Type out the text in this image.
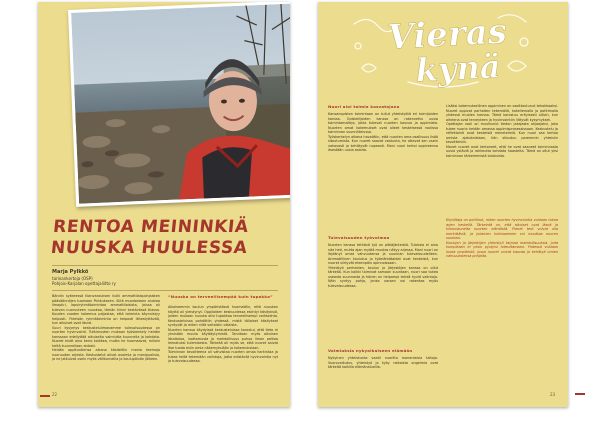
RENTOA MEININKIÄ
NUUSKA HUULESSA
Marja Pylkkö
tarinankertoja (OSP)
Pohjois-Karjalan opettajaliitto ry

Bändin sykkeessä tilanvarauksen kulki ammattilaispohjaisten pääsäännöjen tuomaan Pohkukseen. Siitä muodostaen alustaa ilmapiiri, lapsiryhmätoimintaa ammattilaisista, joissa oli tulevan nuoruuteen nuuskaa, tämän kiinni kestävässä tilassa. Kuuden vuoden kokemus paljastaa, että toiminta käynnistyy helposti. Yhteisön ryhmätoiminta on helposti lähestyttävää, kun aikuiset ovat läsnä.
Suuri kysymys keskusteluilmanamme tulevaisuudessa on nuorten hyvinvointi. Tutkimusten mukaan työskentely heidän kanssaan edellyttää aikuiselta valmiutta kuunnella ja kohdata. Nuoret eivät aina kerro kaikkea, mutta he huomaavat, milloin heitä kuunnellaan aidosti.
Heidän oppituntiensa aikana käsiteltiin monia teemoja nuoruuden arjesta. Keskustelut olivat avoimia ja monipuolisia, ja ne jatkuivat usein myös välitunneilla ja koulupäivän jälkeen.

“Nuuska on terveellisempää kuin tupakka”

Aikaisemmin koulun ympäristössä huomattiin, että nuuskan käyttö oli yleistynyt. Oppilaiden keskuudessa esiintyi käsityksiä, joiden mukaan nuuska olisi tupakkaa terveellisempi vaihtoehto. Keskusteluissa pohdittiin yhdessä, mistä tällaiset käsitykset syntyvät ja miten niitä voitaisiin oikaista.
Nuorten kanssa käydyissä keskusteluissa korostui, että tieto ei yksinään muuta käyttäytymistä. Tarvitaan myös aikuisen läsnäoloa, luottamusta ja mahdollisuus puhua ilman pelkoa leimatuksi tulemisesta. Tärkeää oli myös se, että nuoret saivat itse tuoda esiin omia näkemyksiään ja kokemuksiaan.
Toiminnan tavoitteena oli vahvistaa nuorten omaa harkintaa ja tukea heitä tekemään valintoja, jotka edistävät hyvinvointia nyt ja tulevaisuudessa.

22
Vieras
kynä

Nuori aloi toimia kasvatajana

Kansanopiston toimintaan on tullut yhteistyötä eri toimijoiden kanssa. Opiskelijoiden kanssa on rakennettu uusia toimintamalleja, jotka tukevat nuorten kasvua ja oppimista. Nuorten omat kokemukset ovat olleet keskeisessä roolissa toiminnan suunnittelussa.
Työskentelyn aikana havaittiin, että nuorten oma osallisuus lisää sitoutumista. Kun nuoret saavat vastuuta, he ottavat sen usein vakavasti ja kehittyvät nopeasti. Moni nuori kertoi oppineensa itsestään uusia asioita.

Tulevaisuuden työvoimaa

Nuorten kanssa tehtävä työ on pitkäjänteistä. Tuloksia ei aina näe heti, mutta ajan myötä muutos näkyy arjessa. Moni nuori on löytänyt omat vahvuutensa ja suunnan tulevaisuudelleen. Ammatillinen koulutus ja työelämätaidot ovat keskeisiä, kun nuoret siirtyvät eteenpäin opinnoissaan.
Yhteistyö perheiden, koulun ja järjestöjen kanssa on ollut tärkeää. Kun kaikki toimivat samaan suuntaan, nuori saa tukea useasta suunnasta ja hänen on helpompi tehdä hyviä valintoja. Näin syntyy pohja, jonka varaan voi rakentaa myös tulevaisuudessa.

Valmiuksia nykyaikaiseen elämään

Nykyinen yhteiskunta vaatii nuorilta monenlaisia taitoja. Vuorovaikutus, yhteistyö ja kyky ratkaista ongelmia ovat tärkeitä kaikilla elämänalueilla.

Lisäksi kokemuksellinen oppiminen on osoittautunut tehokkaaksi. Nuoret oppivat parhaiten tekemällä, kokeilemalla ja pohtimalla yhdessä muiden kanssa. Tämä korostuu erityisesti silloin, kun aiheena ovat terveyteen ja hyvinvointiin liittyvät kysymykset.
Opettajan rooli on muuttunut tiedon jakajasta ohjaajaksi, joka tukee nuoria heidän omassa oppimisprosessissaan. Keskustelu ja reflektointi ovat keskeisiä menetelmiä. Kun nuori saa kertoa omista ajatuksistaan, hän sitoutuu paremmin yhteisiin tavoitteisiin.
Monet nuoret ovat kertoneet, että he ovat saaneet toiminnasta uusia ystäviä ja rohkeutta kohdata haasteita. Tämä on ollut yksi toiminnan tärkeimmistä tuloksista.

Kirjoittaja on pohtinut, miten nuorten hyvinvointia voidaan tukea arjen keskellä. Tärkeintä on, että aikuiset ovat läsnä ja kiinnostuneita nuorten elämästä. Pienet teot voivat olla merkittäviä, ja jokainen kohtaaminen voi muuttaa nuoren suuntaa.
Koulujen ja järjestöjen yhteistyö tarjoaa mahdollisuuksia, joita kumpikaan ei yksin pystyisi toteuttamaan. Yhdessä voidaan luoda ympäristö, jossa nuoret voivat kasvaa ja kehittyä omien vahvuuksiensa pohjalta.

23
